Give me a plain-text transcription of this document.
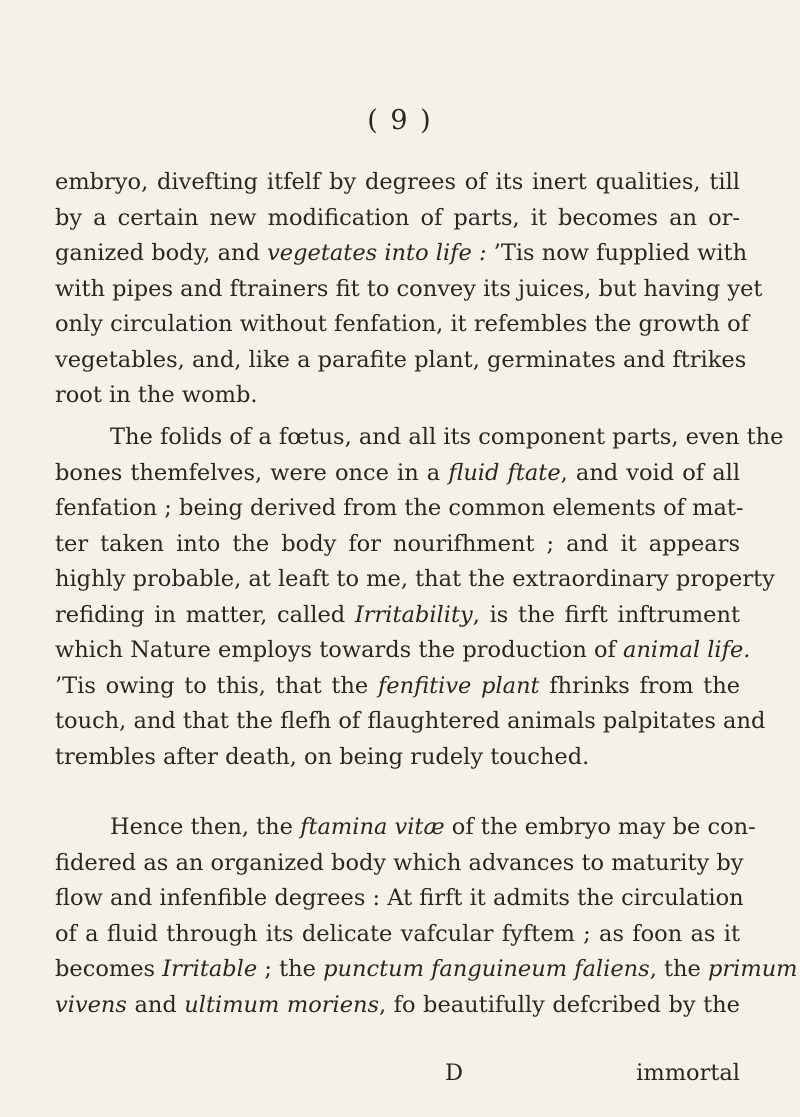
( 9 )
embryo, divefting itfelf by degrees of its inert qualities, till
by a certain new modification of parts, it becomes an or-
ganized body, and vegetates into life : ’Tis now fupplied with
with pipes and ftrainers fit to convey its juices, but having yet
only circulation without fenfation, it refembles the growth of
vegetables, and, like a parafite plant, germinates and ftrikes
root in the womb.
The folids of a fœtus, and all its component parts, even the
bones themfelves, were once in a fluid ftate, and void of all
fenfation ; being derived from the common elements of mat-
ter taken into the body for nourifhment ; and it appears
highly probable, at leaft to me, that the extraordinary property
refiding in matter, called Irritability, is the firft inftrument
which Nature employs towards the production of animal life.
’Tis owing to this, that the fenfitive plant fhrinks from the
touch, and that the flefh of flaughtered animals palpitates and
trembles after death, on being rudely touched.
Hence then, the ftamina vitæ of the embryo may be con-
fidered as an organized body which advances to maturity by
flow and infenfible degrees : At firft it admits the circulation
of a fluid through its delicate vafcular fyftem ; as foon as it
becomes Irritable ; the punctum fanguineum faliens, the primum
vivens and ultimum moriens, fo beautifully defcribed by the
D	immortal
